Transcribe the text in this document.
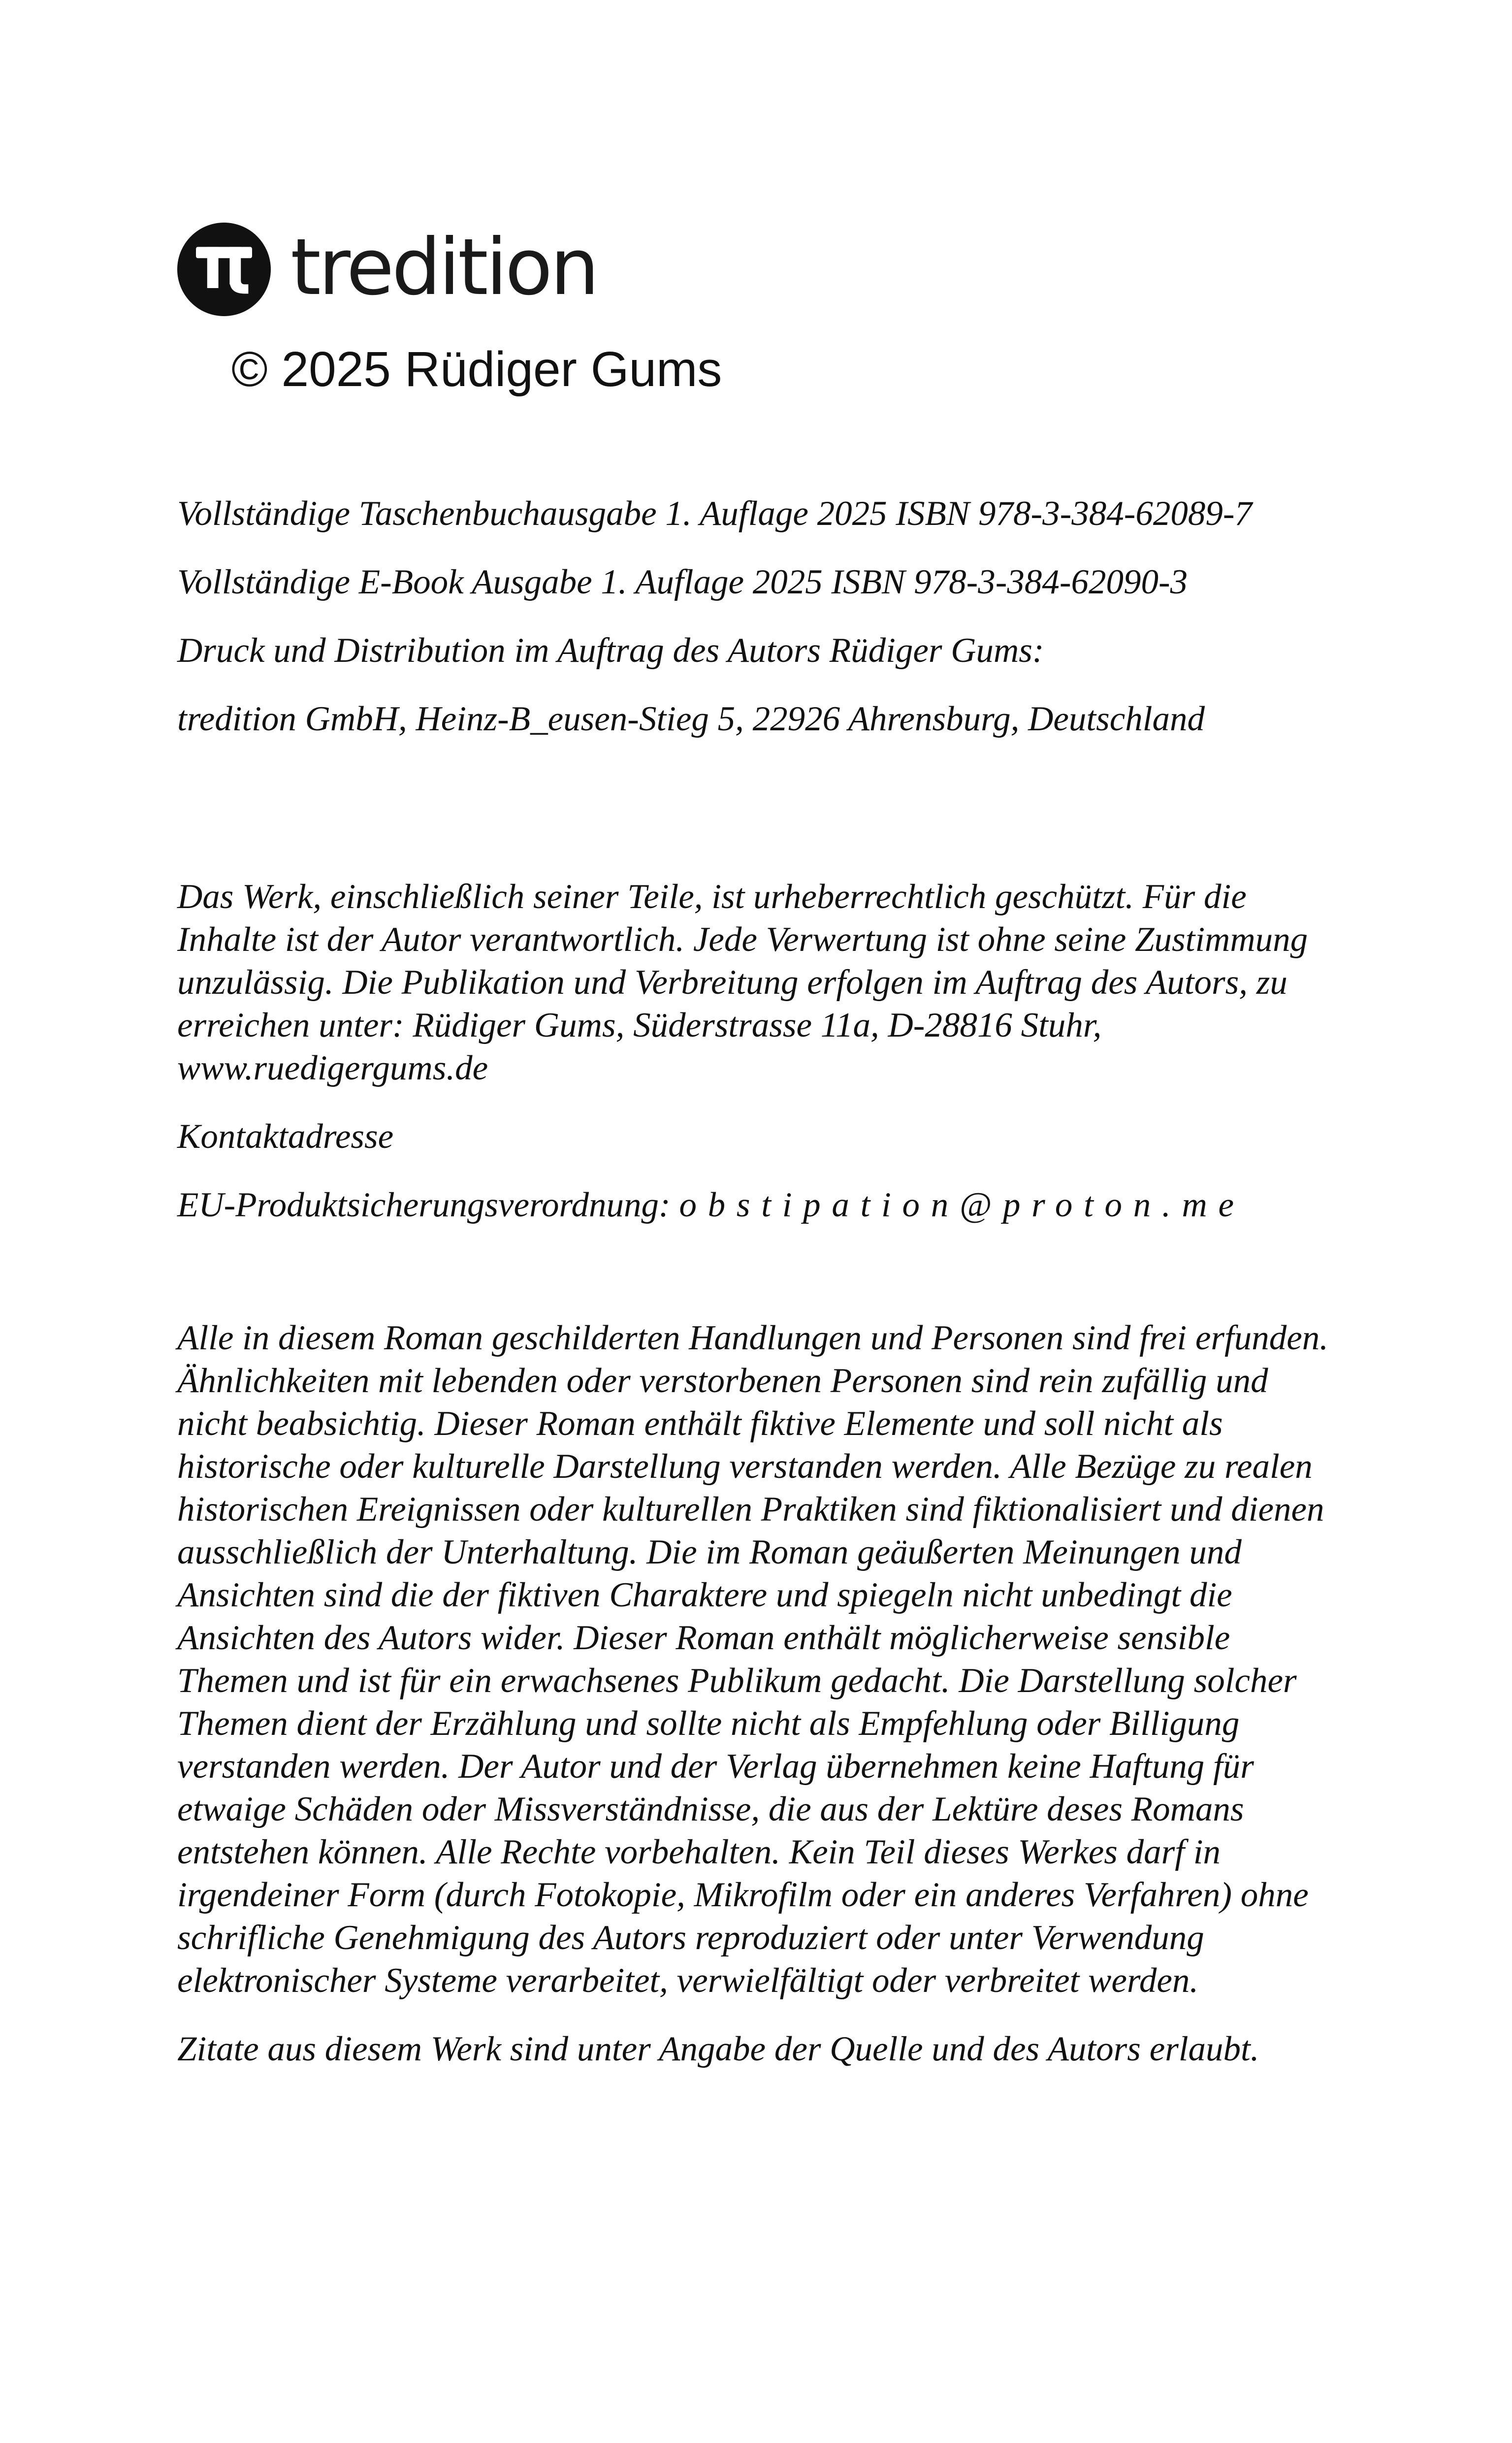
tredition
© 2025 Rüdiger Gums

Vollständige Taschenbuchausgabe 1. Auflage 2025 ISBN 978-3-384-62089-7

Vollständige E-Book Ausgabe 1. Auflage 2025 ISBN 978-3-384-62090-3

Druck und Distribution im Auftrag des Autors Rüdiger Gums:

tredition GmbH, Heinz-B_eusen-Stieg 5, 22926 Ahrensburg, Deutschland

Das Werk, einschließlich seiner Teile, ist urheberrechtlich geschützt. Für die Inhalte ist der Autor verantwortlich. Jede Verwertung ist ohne seine Zustimmung unzulässig. Die Publikation und Verbreitung erfolgen im Auftrag des Autors, zu erreichen unter: Rüdiger Gums, Süderstrasse 11a, D-28816 Stuhr, www.ruedigergums.de

Kontaktadresse

EU-Produktsicherungsverordnung: obstipation@proton.me

Alle in diesem Roman geschilderten Handlungen und Personen sind frei erfunden. Ähnlichkeiten mit lebenden oder verstorbenen Personen sind rein zufällig und nicht beabsichtig. Dieser Roman enthält fiktive Elemente und soll nicht als historische oder kulturelle Darstellung verstanden werden. Alle Bezüge zu realen historischen Ereignissen oder kulturellen Praktiken sind fiktionalisiert und dienen ausschließlich der Unterhaltung. Die im Roman geäußerten Meinungen und Ansichten sind die der fiktiven Charaktere und spiegeln nicht unbedingt die Ansichten des Autors wider. Dieser Roman enthält möglicherweise sensible Themen und ist für ein erwachsenes Publikum gedacht. Die Darstellung solcher Themen dient der Erzählung und sollte nicht als Empfehlung oder Billigung verstanden werden. Der Autor und der Verlag übernehmen keine Haftung für etwaige Schäden oder Missverständnisse, die aus der Lektüre deses Romans entstehen können. Alle Rechte vorbehalten. Kein Teil dieses Werkes darf in irgendeiner Form (durch Fotokopie, Mikrofilm oder ein anderes Verfahren) ohne schrifliche Genehmigung des Autors reproduziert oder unter Verwendung elektronischer Systeme verarbeitet, verwielfältigt oder verbreitet werden.

Zitate aus diesem Werk sind unter Angabe der Quelle und des Autors erlaubt.
